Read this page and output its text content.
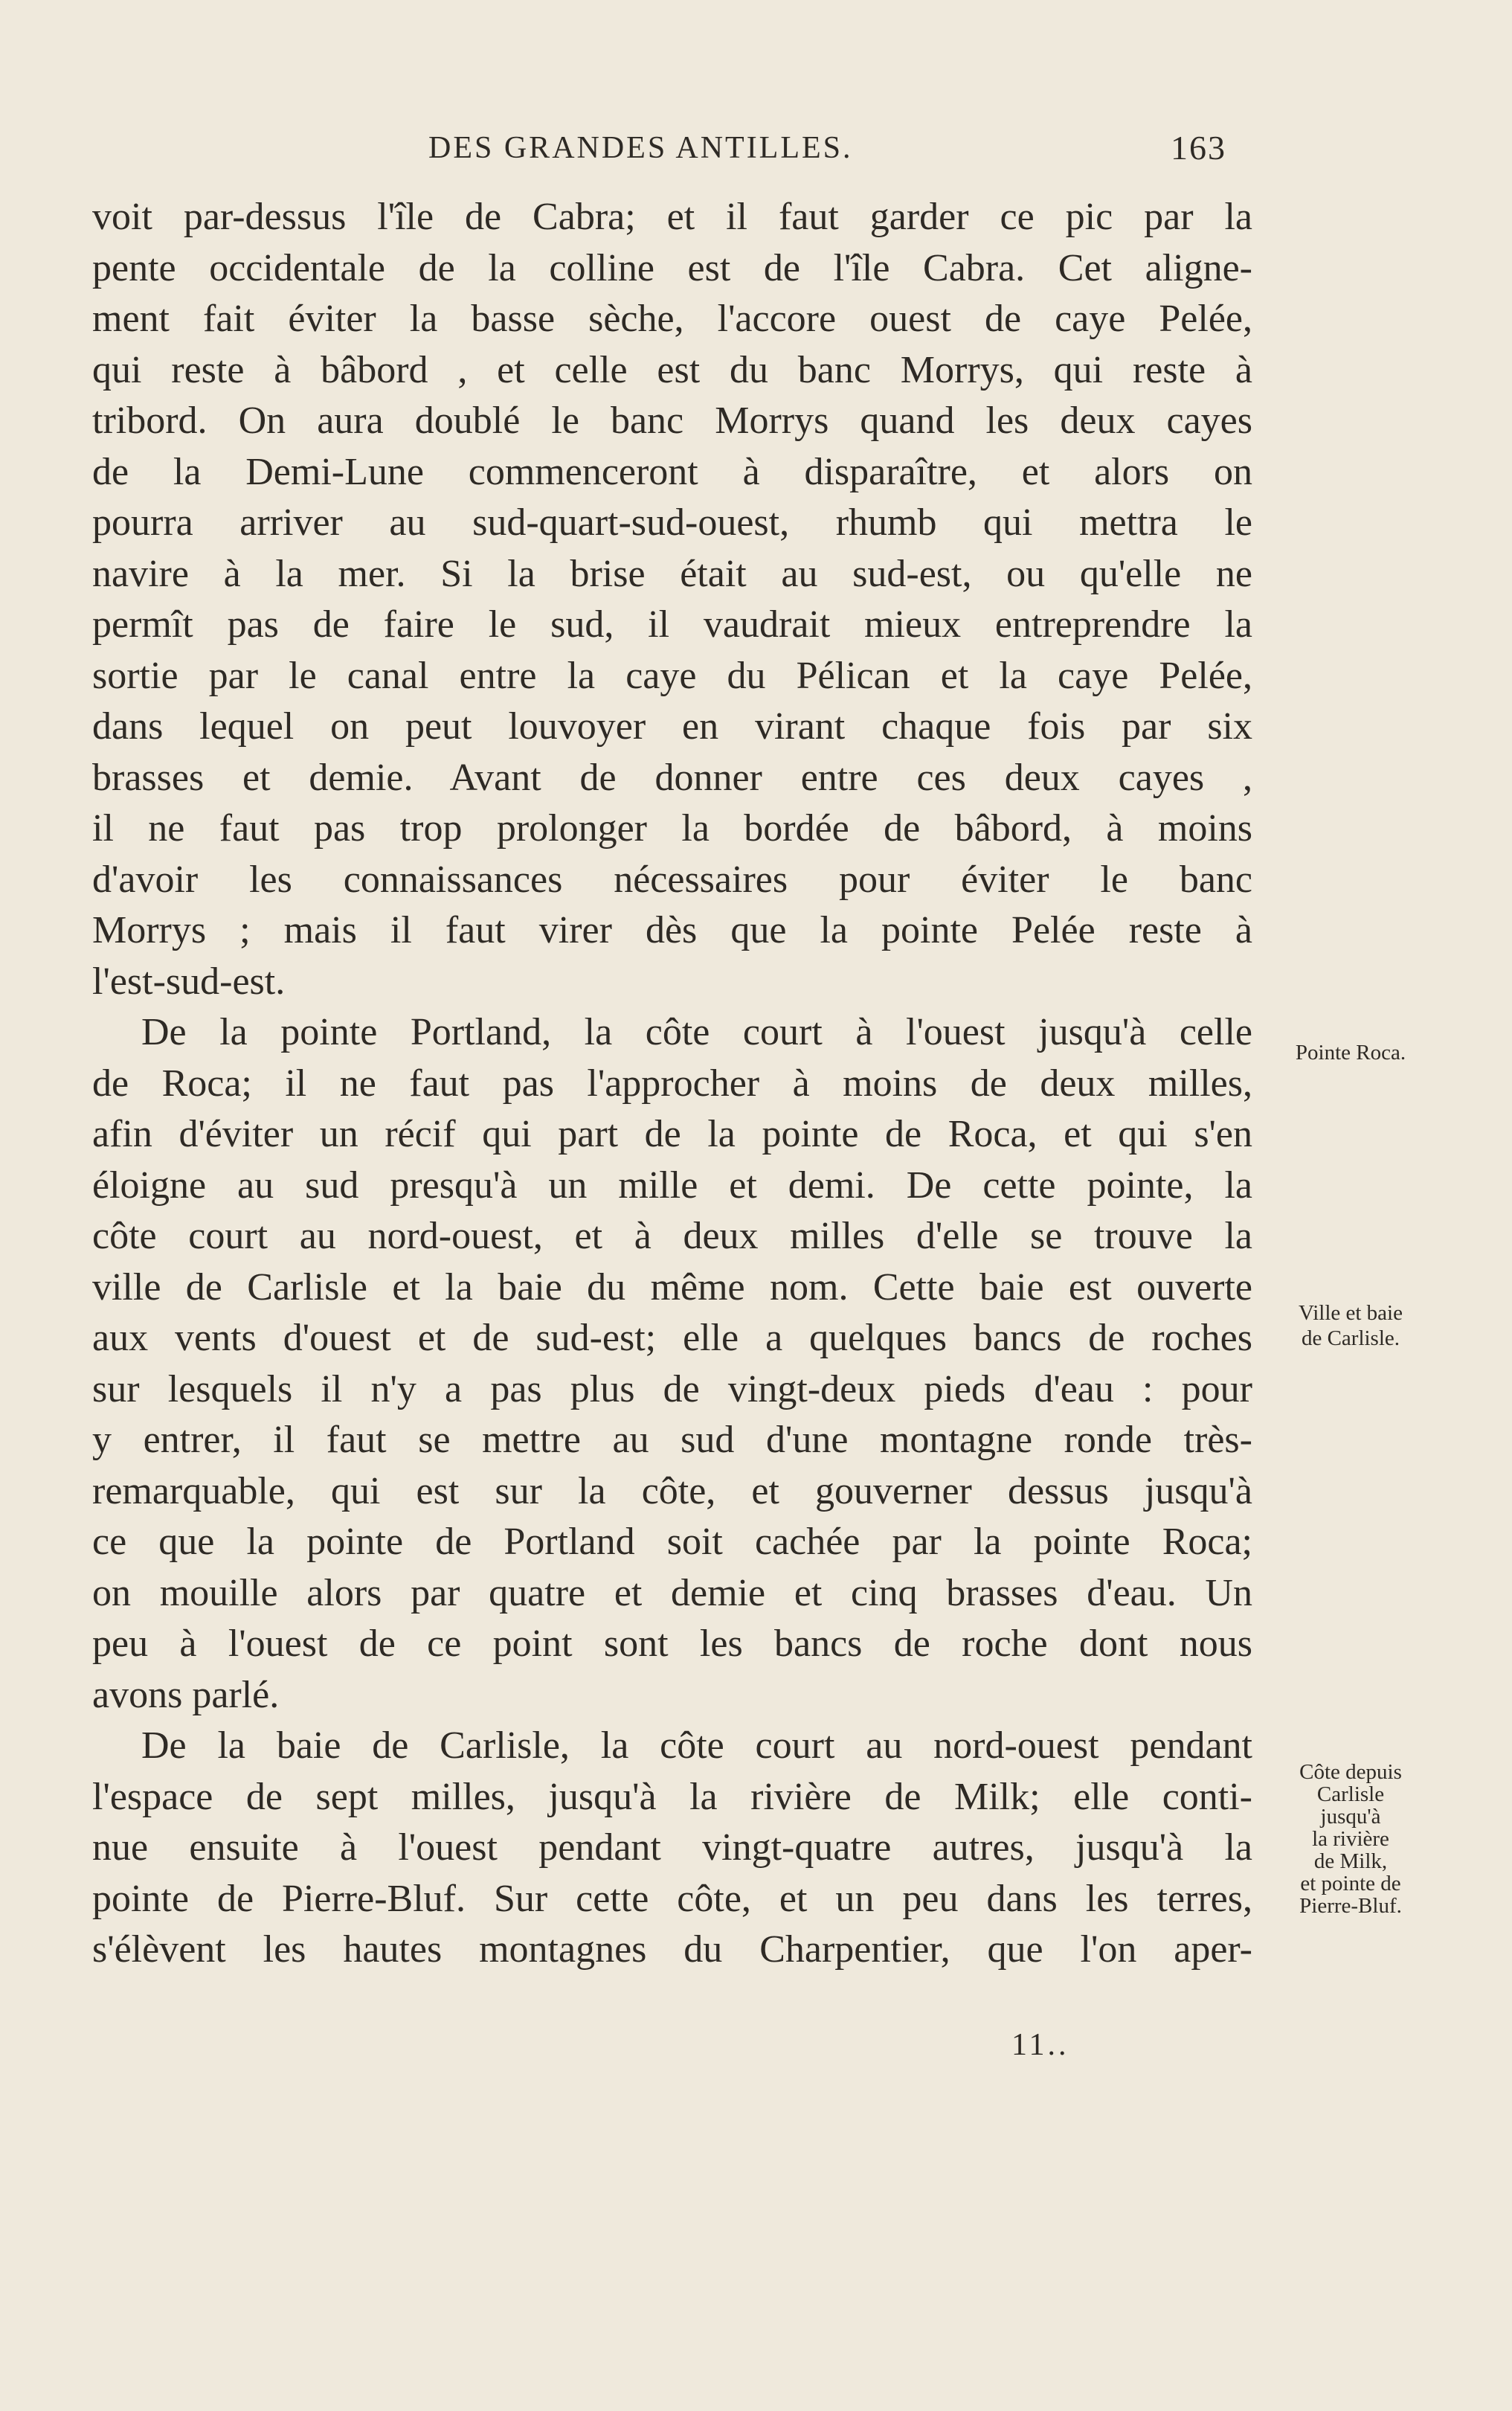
DES GRANDES ANTILLES.	163
voit par-dessus l'île de Cabra; et il faut garder ce pic par la
pente occidentale de la colline est de l'île Cabra. Cet aligne-
ment fait éviter la basse sèche, l'accore ouest de caye Pelée,
qui reste à bâbord , et celle est du banc Morrys, qui reste à
tribord. On aura doublé le banc Morrys quand les deux cayes
de la Demi-Lune commenceront à disparaître, et alors on
pourra arriver au sud-quart-sud-ouest, rhumb qui mettra le
navire à la mer. Si la brise était au sud-est, ou qu'elle ne
permît pas de faire le sud, il vaudrait mieux entreprendre la
sortie par le canal entre la caye du Pélican et la caye Pelée,
dans lequel on peut louvoyer en virant chaque fois par six
brasses et demie. Avant de donner entre ces deux cayes ,
il ne faut pas trop prolonger la bordée de bâbord, à moins
d'avoir les connaissances nécessaires pour éviter le banc
Morrys ; mais il faut virer dès que la pointe Pelée reste à
l'est-sud-est.
De la pointe Portland, la côte court à l'ouest jusqu'à celle
de Roca; il ne faut pas l'approcher à moins de deux milles,
afin d'éviter un récif qui part de la pointe de Roca, et qui s'en
éloigne au sud presqu'à un mille et demi. De cette pointe, la
côte court au nord-ouest, et à deux milles d'elle se trouve la
ville de Carlisle et la baie du même nom. Cette baie est ouverte
aux vents d'ouest et de sud-est; elle a quelques bancs de roches
sur lesquels il n'y a pas plus de vingt-deux pieds d'eau : pour
y entrer, il faut se mettre au sud d'une montagne ronde très-
remarquable, qui est sur la côte, et gouverner dessus jusqu'à
ce que la pointe de Portland soit cachée par la pointe Roca;
on mouille alors par quatre et demie et cinq brasses d'eau. Un
peu à l'ouest de ce point sont les bancs de roche dont nous
avons parlé.
De la baie de Carlisle, la côte court au nord-ouest pendant
l'espace de sept milles, jusqu'à la rivière de Milk; elle conti-
nue ensuite à l'ouest pendant vingt-quatre autres, jusqu'à la
pointe de Pierre-Bluf. Sur cette côte, et un peu dans les terres,
s'élèvent les hautes montagnes du Charpentier, que l'on aper-
Pointe Roca.
Ville et baie
de Carlisle.
Côte depuis
Carlisle
jusqu'à
la rivière
de Milk,
et pointe de
Pierre-Bluf.
11..
